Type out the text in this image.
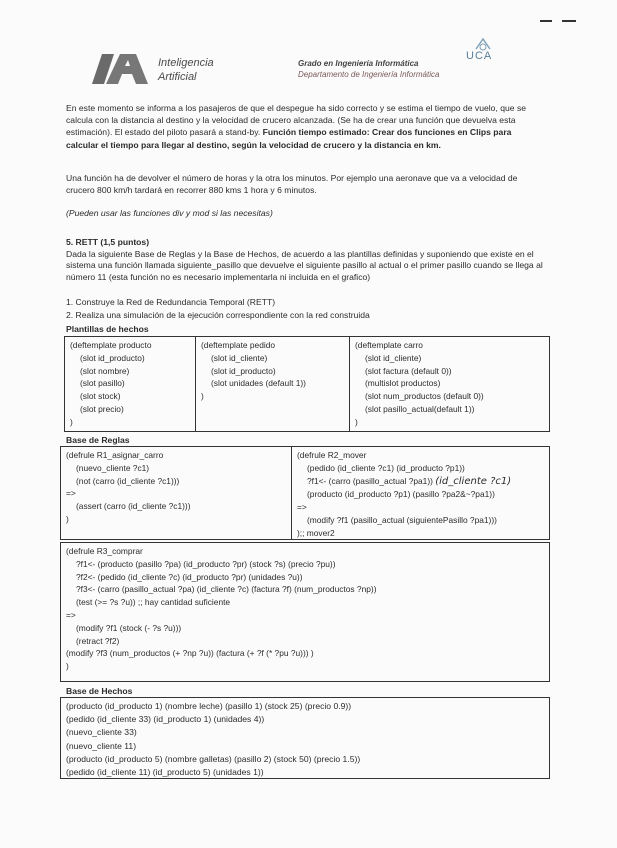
Inteligencia
Artificial
Grado en Ingeniería Informática
Departamento de Ingeniería Informática
UCA
En este momento se informa a los pasajeros de que el despegue ha sido correcto y se estima el tiempo de vuelo, que se calcula con la distancia al destino y la velocidad de crucero alcanzada. (Se ha de crear una función que devuelva esta estimación). El estado del piloto pasará a stand-by. Función tiempo estimado: Crear dos funciones en Clips para calcular el tiempo para llegar al destino, según la velocidad de crucero y la distancia en km.
Una función ha de devolver el número de horas y la otra los minutos. Por ejemplo una aeronave que va a velocidad de crucero 800 km/h tardará en recorrer 880 kms 1 hora y 6 minutos.
(Pueden usar las funciones div y mod si las necesitas)
5. RETT (1,5 puntos)
Dada la siguiente Base de Reglas y la Base de Hechos, de acuerdo a las plantillas definidas y suponiendo que existe en el sistema una función llamada siguiente_pasillo que devuelve el siguiente pasillo al actual o el primer pasillo cuando se llega al número 11 (esta función no es necesario implementarla ni incluida en el grafico)
1. Construye la Red de Redundancia Temporal (RETT)
2. Realiza una simulación de la ejecución correspondiente con la red construida
Plantillas de hechos
(deftemplate producto
(slot id_producto)
(slot nombre)
(slot pasillo)
(slot stock)
(slot precio)
)
(deftemplate pedido
(slot id_cliente)
(slot id_producto)
(slot unidades (default 1))
)
(deftemplate carro
(slot id_cliente)
(slot factura (default 0))
(multislot productos)
(slot num_productos (default 0))
(slot pasillo_actual(default 1))
)
Base de Reglas
(defrule R1_asignar_carro
(nuevo_cliente ?c1)
(not (carro (id_cliente ?c1)))
=>
(assert (carro (id_cliente ?c1)))
)
(defrule R2_mover
(pedido (id_cliente ?c1) (id_producto ?p1))
?f1<- (carro (pasillo_actual ?pa1)) (id_cliente ?c1)
(producto (id_producto ?p1) (pasillo ?pa2&~?pa1))
=>
(modify ?f1 (pasillo_actual (siguientePasillo ?pa1)))
);; mover2
(defrule R3_comprar
?f1<- (producto (pasillo ?pa) (id_producto ?pr) (stock ?s) (precio ?pu))
?f2<- (pedido (id_cliente ?c) (id_producto ?pr) (unidades ?u))
?f3<- (carro (pasillo_actual ?pa) (id_cliente ?c) (factura ?f) (num_productos ?np))
(test (>= ?s ?u)) ;; hay cantidad suficiente
=>
(modify ?f1 (stock (- ?s ?u)))
(retract ?f2)
(modify ?f3 (num_productos (+ ?np ?u)) (factura (+ ?f (* ?pu ?u))) )
)
Base de Hechos
(producto (id_producto 1) (nombre leche) (pasillo 1) (stock 25) (precio 0.9))
(pedido (id_cliente 33) (id_producto 1) (unidades 4))
(nuevo_cliente 33)
(nuevo_cliente 11)
(producto (id_producto 5) (nombre galletas) (pasillo 2) (stock 50) (precio 1.5))
(pedido (id_cliente 11) (id_producto 5) (unidades 1))
